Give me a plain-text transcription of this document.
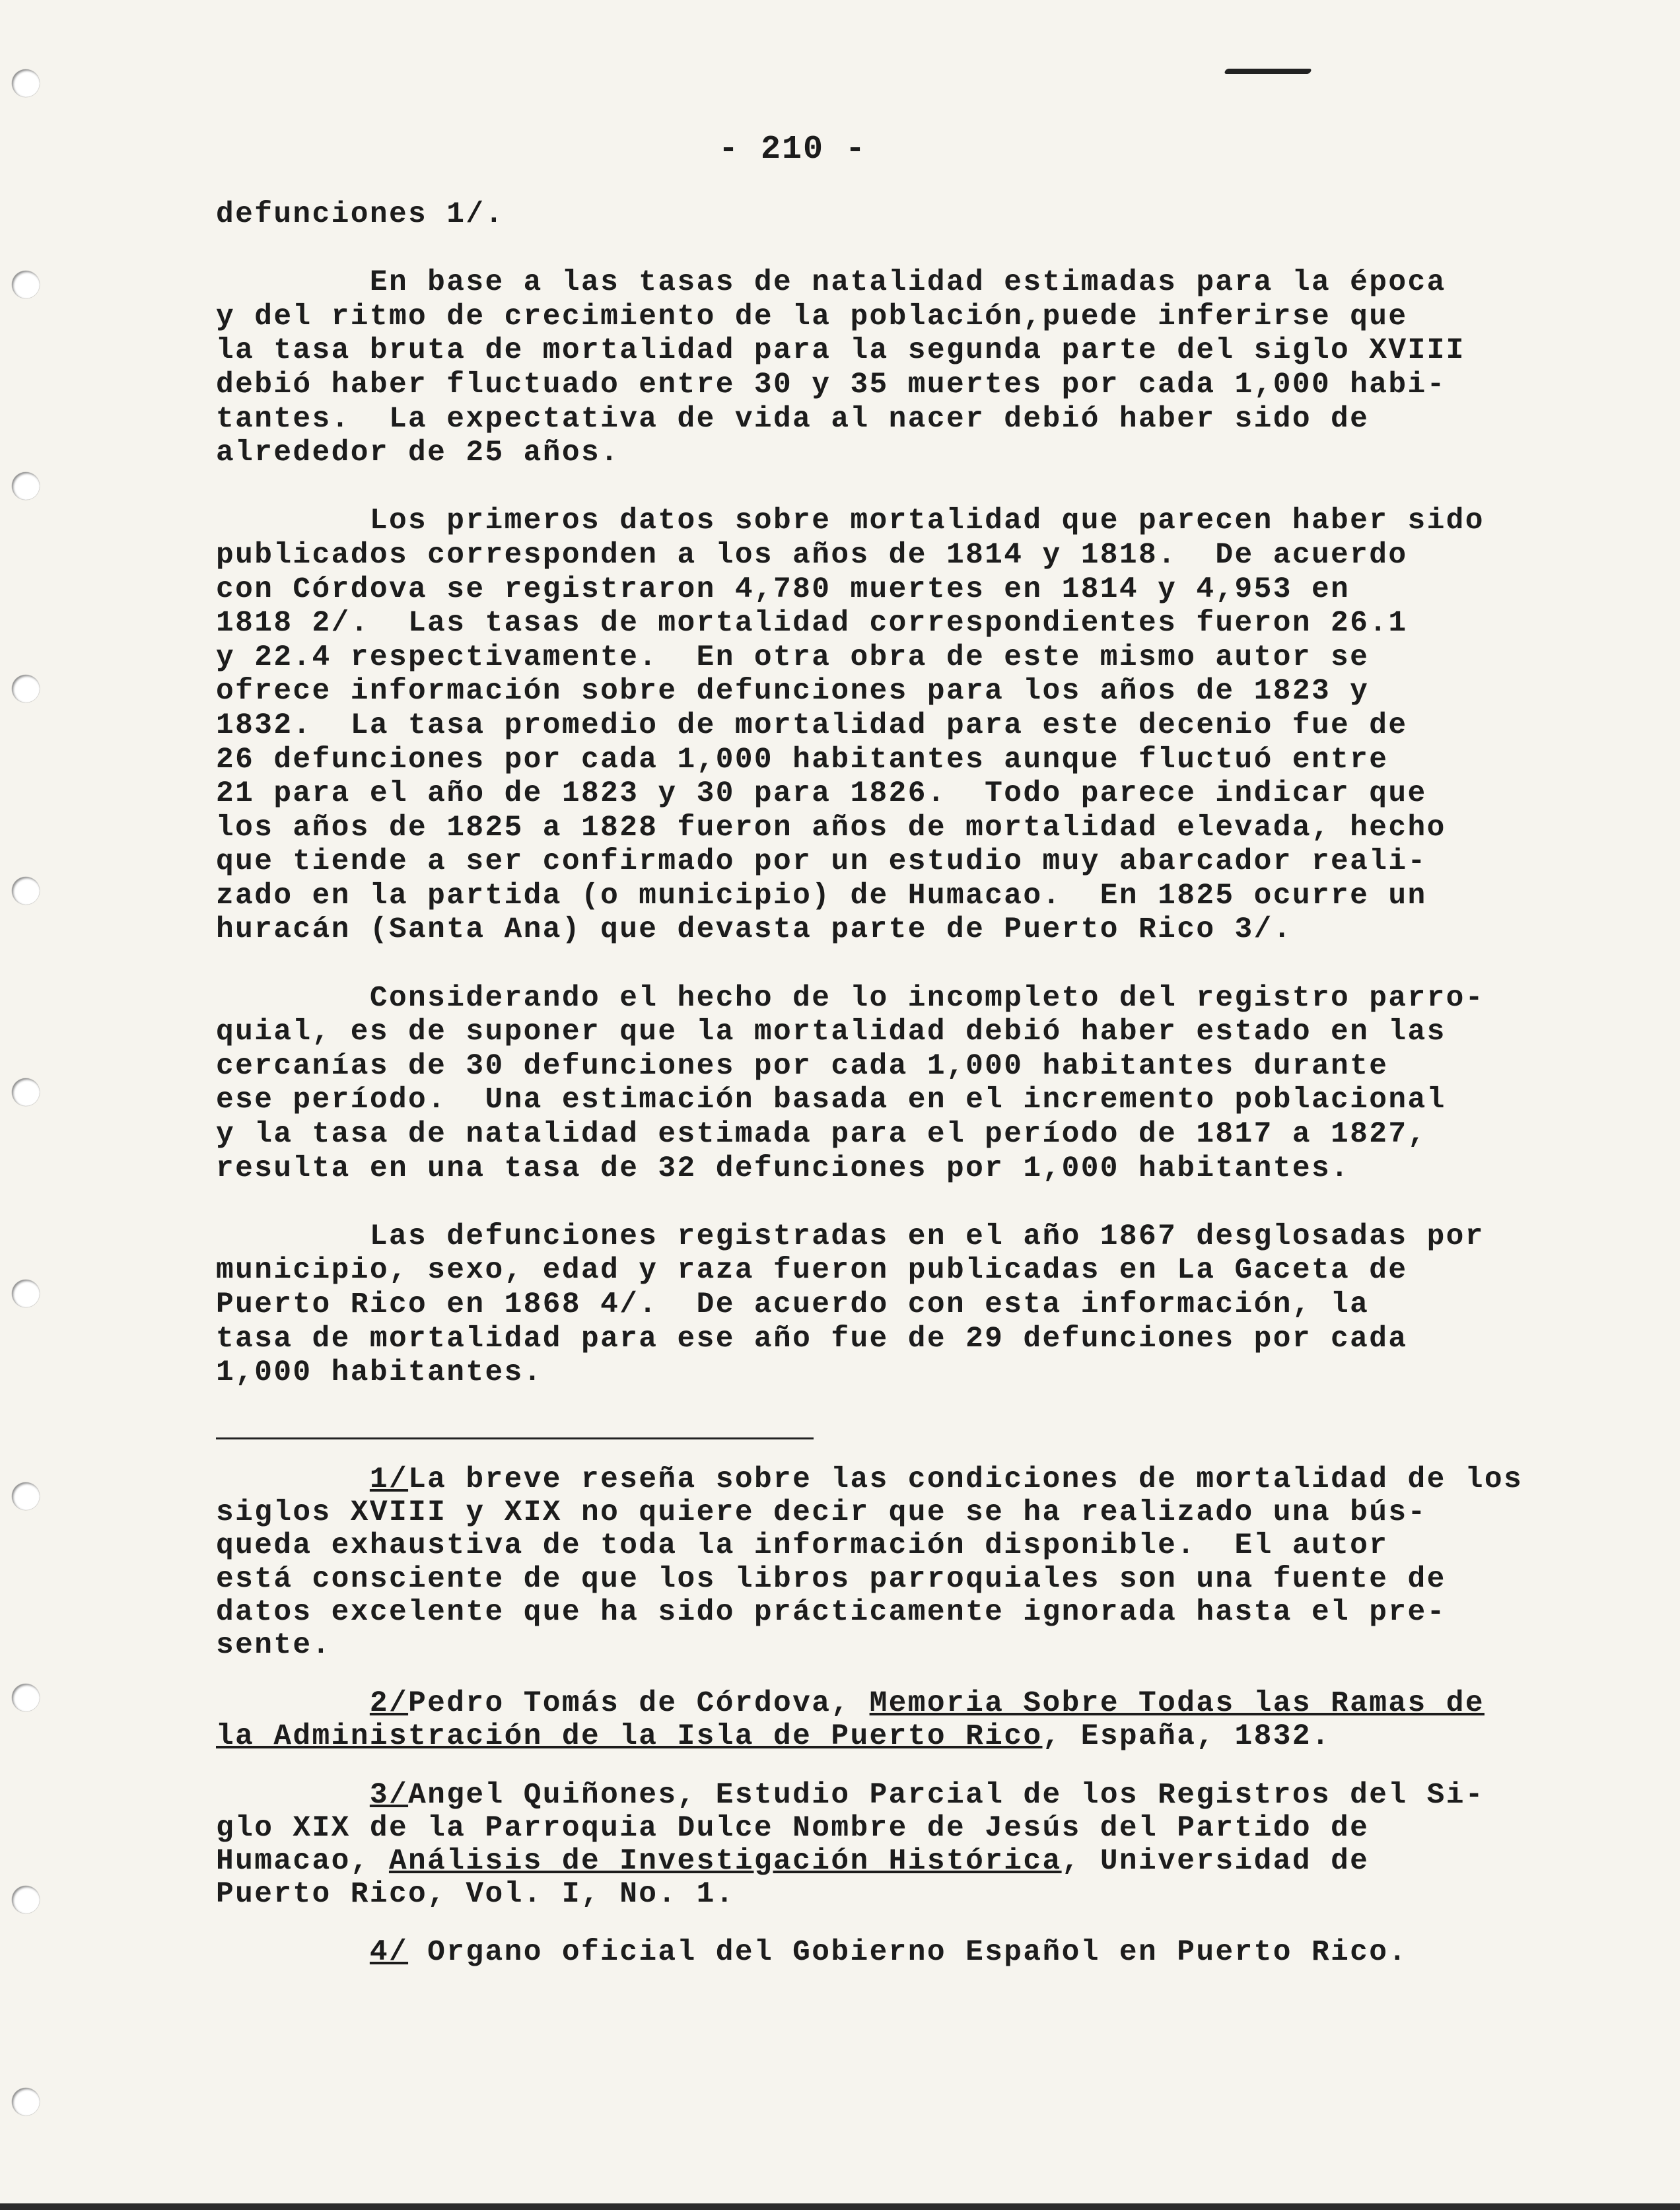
- 210 -

defunciones 1/.

En base a las tasas de natalidad estimadas para la época
y del ritmo de crecimiento de la población,puede inferirse que
la tasa bruta de mortalidad para la segunda parte del siglo XVIII
debió haber fluctuado entre 30 y 35 muertes por cada 1,000 habi-
tantes.  La expectativa de vida al nacer debió haber sido de
alrededor de 25 años.

Los primeros datos sobre mortalidad que parecen haber sido
publicados corresponden a los años de 1814 y 1818.  De acuerdo
con Córdova se registraron 4,780 muertes en 1814 y 4,953 en
1818 2/.  Las tasas de mortalidad correspondientes fueron 26.1
y 22.4 respectivamente.  En otra obra de este mismo autor se
ofrece información sobre defunciones para los años de 1823 y
1832.  La tasa promedio de mortalidad para este decenio fue de
26 defunciones por cada 1,000 habitantes aunque fluctuó entre
21 para el año de 1823 y 30 para 1826.  Todo parece indicar que
los años de 1825 a 1828 fueron años de mortalidad elevada, hecho
que tiende a ser confirmado por un estudio muy abarcador reali-
zado en la partida (o municipio) de Humacao.  En 1825 ocurre un
huracán (Santa Ana) que devasta parte de Puerto Rico 3/.

Considerando el hecho de lo incompleto del registro parro-
quial, es de suponer que la mortalidad debió haber estado en las
cercanías de 30 defunciones por cada 1,000 habitantes durante
ese período.  Una estimación basada en el incremento poblacional
y la tasa de natalidad estimada para el período de 1817 a 1827,
resulta en una tasa de 32 defunciones por 1,000 habitantes.

Las defunciones registradas en el año 1867 desglosadas por
municipio, sexo, edad y raza fueron publicadas en La Gaceta de
Puerto Rico en 1868 4/.  De acuerdo con esta información, la
tasa de mortalidad para ese año fue de 29 defunciones por cada
1,000 habitantes.

1/La breve reseña sobre las condiciones de mortalidad de los
siglos XVIII y XIX no quiere decir que se ha realizado una bús-
queda exhaustiva de toda la información disponible.  El autor
está consciente de que los libros parroquiales son una fuente de
datos excelente que ha sido prácticamente ignorada hasta el pre-
sente.

2/Pedro Tomás de Córdova, Memoria Sobre Todas las Ramas de
la Administración de la Isla de Puerto Rico, España, 1832.

3/Angel Quiñones, Estudio Parcial de los Registros del Si-
glo XIX de la Parroquia Dulce Nombre de Jesús del Partido de
Humacao, Análisis de Investigación Histórica, Universidad de
Puerto Rico, Vol. I, No. 1.

4/ Organo oficial del Gobierno Español en Puerto Rico.
